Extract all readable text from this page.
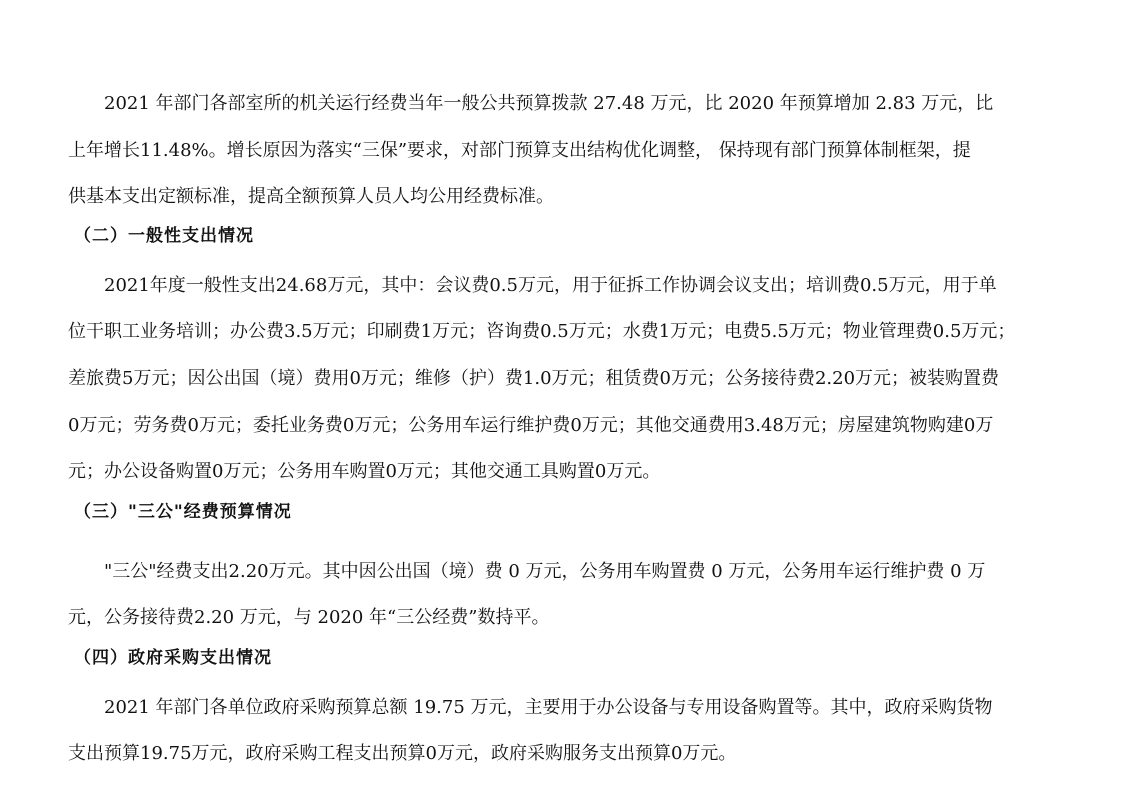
2021 年部门各部室所的机关运行经费当年一般公共预算拨款 27.48 万元，比 2020 年预算增加 2.83 万元，比
上年增长11.48%。增长原因为落实“三保”要求，对部门预算支出结构优化调整， 保持现有部门预算体制框架，提
供基本支出定额标准，提高全额预算人员人均公用经费标准。
（二）一般性支出情况
2021年度一般性支出24.68万元，其中：会议费0.5万元，用于征拆工作协调会议支出；培训费0.5万元，用于单
位干职工业务培训；办公费3.5万元；印刷费1万元；咨询费0.5万元；水费1万元；电费5.5万元；物业管理费0.5万元；
差旅费5万元；因公出国（境）费用0万元；维修（护）费1.0万元；租赁费0万元；公务接待费2.20万元；被装购置费
0万元；劳务费0万元；委托业务费0万元；公务用车运行维护费0万元；其他交通费用3.48万元；房屋建筑物购建0万
元；办公设备购置0万元；公务用车购置0万元；其他交通工具购置0万元。
（三）"三公"经费预算情况
"三公"经费支出2.20万元。其中因公出国（境）费 0 万元，公务用车购置费 0 万元，公务用车运行维护费 0 万
元，公务接待费2.20 万元，与 2020 年“三公经费”数持平。
（四）政府采购支出情况
2021 年部门各单位政府采购预算总额 19.75 万元，主要用于办公设备与专用设备购置等。其中，政府采购货物
支出预算19.75万元，政府采购工程支出预算0万元，政府采购服务支出预算0万元。
